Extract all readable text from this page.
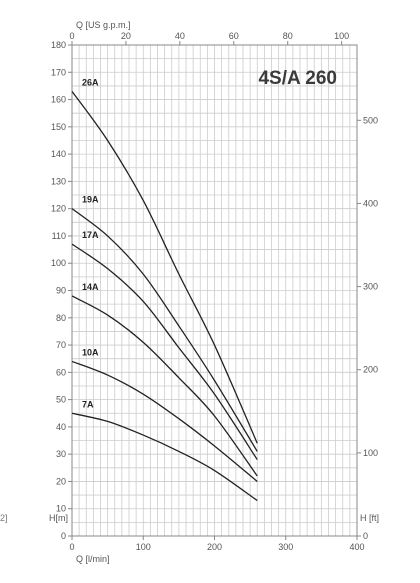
0	100	200	300	400
Q [l/min]
0	20	40	60	80	100
Q [US g.p.m.]
0
10
20
30
40
50
60
70
80
90
100
110
120
130
140
150
160
170
180
H[m]
0
100
200
300
400
500
H [ft]
26A
19A
17A
14A
10A
7A
4S/A 260
2]
